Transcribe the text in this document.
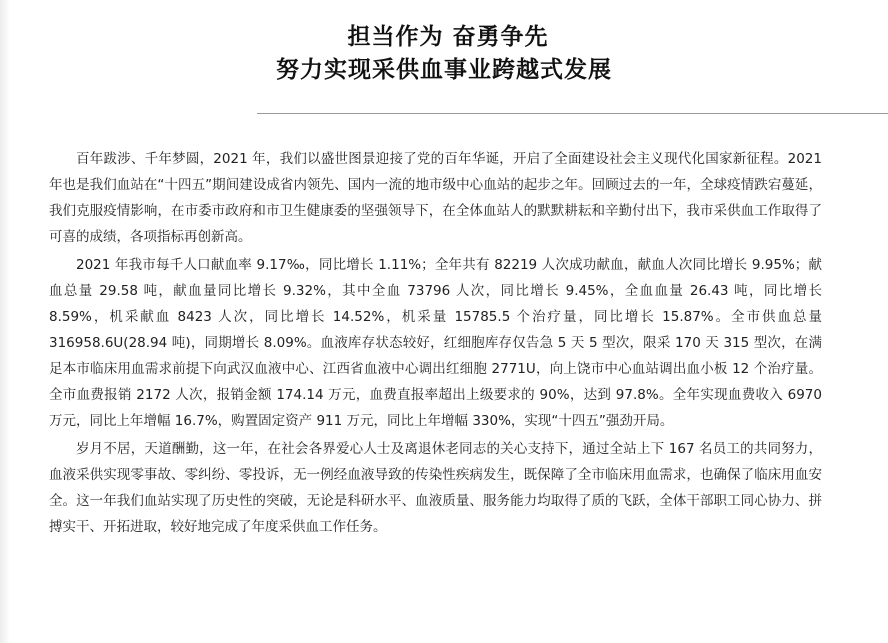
担当作为 奋勇争先
努力实现采供血事业跨越式发展

百年跋涉、千年梦圆，2021 年，我们以盛世图景迎接了党的百年华诞，开启了全面建设社会主义现代化国家新征程。2021 年也是我们血站在“十四五”期间建设成省内领先、国内一流的地市级中心血站的起步之年。回顾过去的一年，全球疫情跌宕蔓延，我们克服疫情影响，在市委市政府和市卫生健康委的坚强领导下，在全体血站人的默默耕耘和辛勤付出下，我市采供血工作取得了可喜的成绩，各项指标再创新高。

2021 年我市每千人口献血率 9.17‰，同比增长 1.11%；全年共有 82219 人次成功献血，献血人次同比增长 9.95%；献血总量 29.58 吨，献血量同比增长 9.32%，其中全血 73796 人次，同比增长 9.45%，全血血量 26.43 吨，同比增长 8.59%，机采献血 8423 人次，同比增长 14.52%，机采量 15785.5 个治疗量，同比增长 15.87%。全市供血总量 316958.6U(28.94 吨)，同期增长 8.09%。血液库存状态较好，红细胞库存仅告急 5 天 5 型次，限采 170 天 315 型次，在满足本市临床用血需求前提下向武汉血液中心、江西省血液中心调出红细胞 2771U，向上饶市中心血站调出血小板 12 个治疗量。全市血费报销 2172 人次，报销金额 174.14 万元，血费直报率超出上级要求的 90%，达到 97.8%。全年实现血费收入 6970 万元，同比上年增幅 16.7%，购置固定资产 911 万元，同比上年增幅 330%，实现“十四五”强劲开局。

岁月不居，天道酬勤，这一年，在社会各界爱心人士及离退休老同志的关心支持下，通过全站上下 167 名员工的共同努力，血液采供实现零事故、零纠纷、零投诉，无一例经血液导致的传染性疾病发生，既保障了全市临床用血需求，也确保了临床用血安全。这一年我们血站实现了历史性的突破，无论是科研水平、血液质量、服务能力均取得了质的飞跃，全体干部职工同心协力、拼搏实干、开拓进取，较好地完成了年度采供血工作任务。
